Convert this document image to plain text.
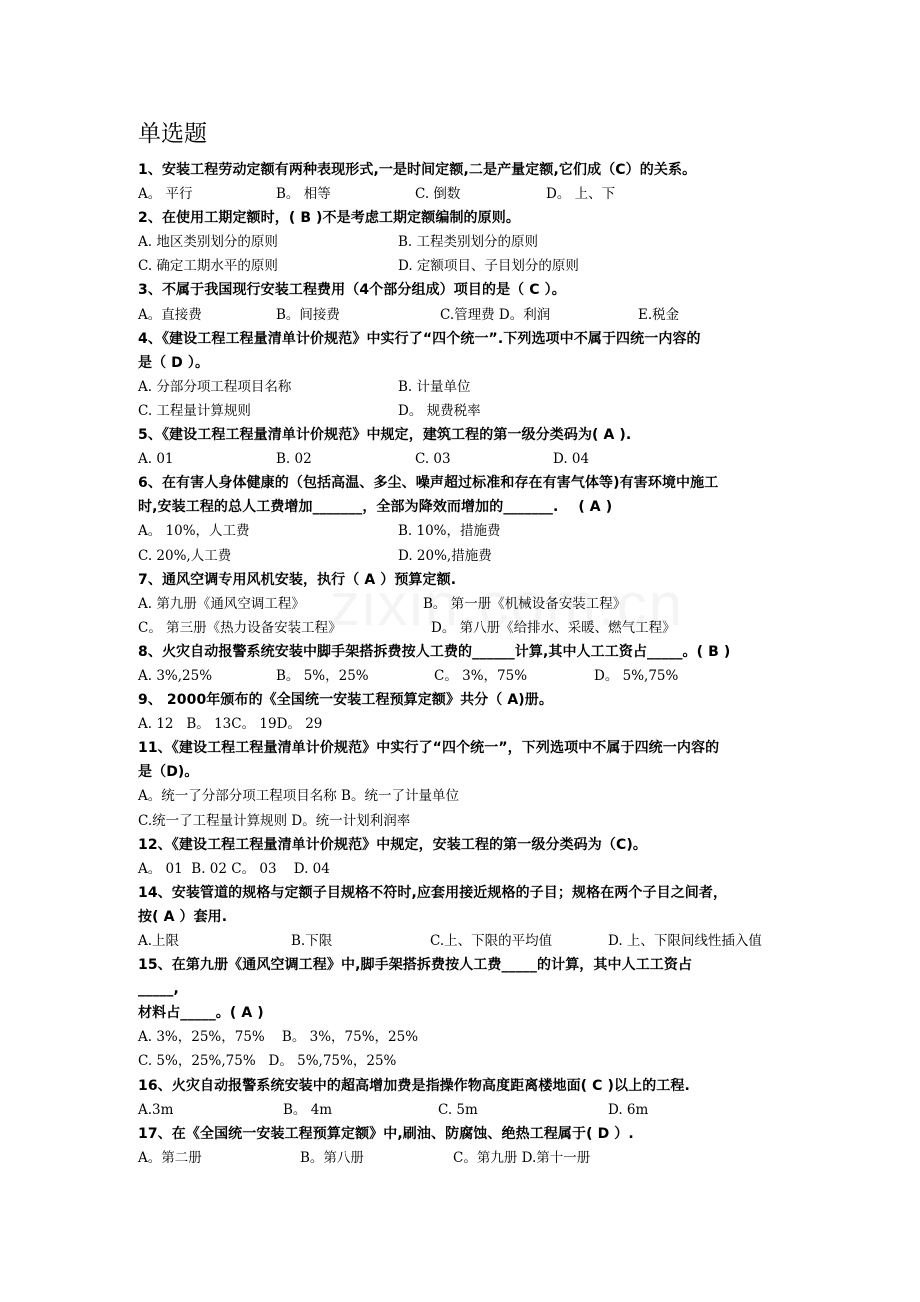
单选题
1、安装工程劳动定额有两种表现形式,一是时间定额,二是产量定额,它们成（C）的关系。
A。 平行	B。 相等	C. 倒数	D。 上、下
2、在使用工期定额时，( B )不是考虑工期定额编制的原则。
A. 地区类别划分的原则	B. 工程类别划分的原则
C. 确定工期水平的原则	D. 定额项目、子目划分的原则
3、不属于我国现行安装工程费用（4个部分组成）项目的是（ C ）。
A。直接费	B。间接费	C.管理费 D。利润	E.税金
4、《建设工程工程量清单计价规范》中实行了“四个统一”.下列选项中不属于四统一内容的
是（ D ）。
A. 分部分项工程项目名称	B. 计量单位
C. 工程量计算规则	D。 规费税率
5、《建设工程工程量清单计价规范》中规定，建筑工程的第一级分类码为( A ).
A. 01	B. 02	C. 03	D. 04
6、在有害人身体健康的（包括高温、多尘、噪声超过标准和存在有害气体等)有害环境中施工
时,安装工程的总人工费增加_______，全部为降效而增加的_______.    ( A )
A。 10%，人工费	B. 10%，措施费
C. 20%,人工费	D. 20%,措施费
7、通风空调专用风机安装，执行（ A ）预算定额.
A. 第九册《通风空调工程》	B。 第一册《机械设备安装工程》
C。 第三册《热力设备安装工程》	D。 第八册《给排水、采暖、燃气工程》
8、火灾自动报警系统安装中脚手架搭拆费按人工费的______计算,其中人工工资占_____。( B )
A. 3%,25%	B。 5%，25%	C。 3%，75%	D。 5%,75%
9、 2000年颁布的《全国统一安装工程预算定额》共分（ A)册。
A. 12   B。 13C。 19D。 29
11、《建设工程工程量清单计价规范》中实行了“四个统一”，下列选项中不属于四统一内容的
是（D)。
A。统一了分部分项工程项目名称 B。统一了计量单位
C.统一了工程量计算规则 D。统一计划利润率
12、《建设工程工程量清单计价规范》中规定，安装工程的第一级分类码为（C)。
A。 01  B. 02 C。 03    D. 04
14、安装管道的规格与定额子目规格不符时,应套用接近规格的子目；规格在两个子目之间者，
按( A ）套用.
A.上限	B.下限	C.上、下限的平均值	D. 上、下限间线性插入值
15、在第九册《通风空调工程》中,脚手架搭拆费按人工费_____的计算，其中人工工资占
_____,
材料占_____。( A )
A. 3%，25%，75%    B。 3%，75%，25%
C. 5%，25%,75%   D。 5%,75%，25%
16、火灾自动报警系统安装中的超高增加费是指操作物高度距离楼地面( C )以上的工程.
A.3m	B。 4m	C. 5m	D. 6m
17、在《全国统一安装工程预算定额》中,刷油、防腐蚀、绝热工程属于( D ）.
A。第二册	B。第八册	C。第九册 D.第十一册
